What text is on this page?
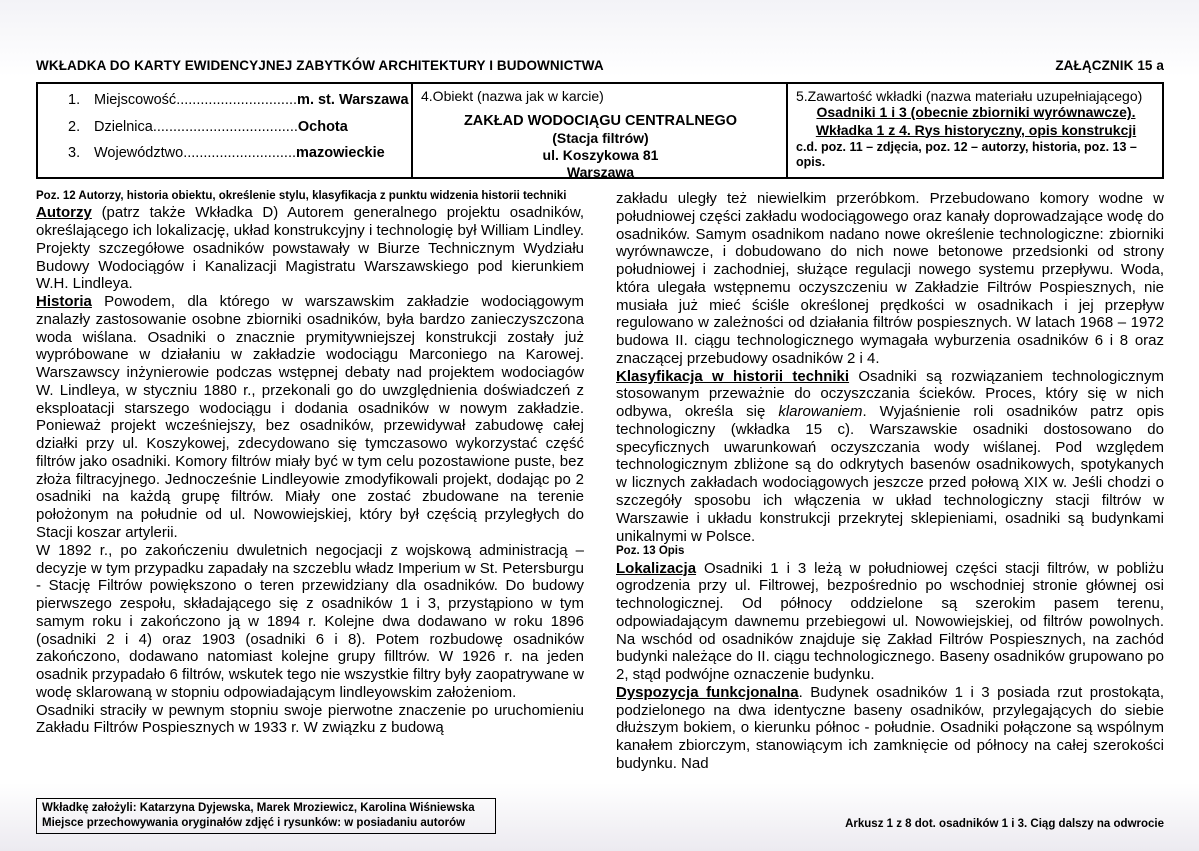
WKŁADKA DO KARTY EWIDENCYJNEJ ZABYTKÓW ARCHITEKTURY I BUDOWNICTWA	ZAŁĄCZNIK 15 a
1. Miejscowość..............................m. st. Warszawa
2. Dzielnica....................................Ochota
3. Województwo............................mazowieckie
4.Obiekt (nazwa jak w karcie)
ZAKŁAD WODOCIĄGU CENTRALNEGO
(Stacja filtrów)
ul. Koszykowa 81
Warszawa
5.Zawartość wkładki (nazwa materiału uzupełniającego)
Osadniki 1 i 3 (obecnie zbiorniki wyrównawcze).
Wkładka 1 z 4. Rys historyczny, opis konstrukcji
c.d. poz. 11 – zdjęcia, poz. 12 – autorzy, historia, poz. 13 – opis.
Poz. 12 Autorzy, historia obiektu, określenie stylu, klasyfikacja z punktu widzenia historii techniki

Autorzy (patrz także Wkładka D) Autorem generalnego projektu osadników, określającego ich lokalizację, układ konstrukcyjny i technologię był William Lindley. Projekty szczegółowe osadników powstawały w Biurze Technicznym Wydziału Budowy Wodociągów i Kanalizacji Magistratu Warszawskiego pod kierunkiem W.H. Lindleya.

Historia Powodem, dla którego w warszawskim zakładzie wodociągowym znalazły zastosowanie osobne zbiorniki osadników, była bardzo zanieczyszczona woda wiślana. Osadniki o znacznie prymitywniejszej konstrukcji zostały już wypróbowane w działaniu w zakładzie wodociągu Marconiego na Karowej. Warszawscy inżynierowie podczas wstępnej debaty nad projektem wodociagów W. Lindleya, w styczniu 1880 r., przekonali go do uwzględnienia doświadczeń z eksploatacji starszego wodociągu i dodania osadników w nowym zakładzie. Ponieważ projekt wcześniejszy, bez osadników, przewidywał zabudowę całej działki przy ul. Koszykowej, zdecydowano się tymczasowo wykorzystać część filtrów jako osadniki. Komory filtrów miały być w tym celu pozostawione puste, bez złoża filtracyjnego. Jednocześnie Lindleyowie zmodyfikowali projekt, dodając po 2 osadniki na każdą grupę filtrów. Miały one zostać zbudowane na terenie położonym na południe od ul. Nowowiejskiej, który był częścią przyległych do Stacji koszar artylerii.

W 1892 r., po zakończeniu dwuletnich negocjacji z wojskową administracją – decyzje w tym przypadku zapadały na szczeblu władz Imperium w St. Petersburgu - Stację Filtrów powiększono o teren przewidziany dla osadników. Do budowy pierwszego zespołu, składającego się z osadników 1 i 3, przystąpiono w tym samym roku i zakończono ją w 1894 r. Kolejne dwa dodawano w roku 1896 (osadniki 2 i 4) oraz 1903 (osadniki 6 i 8). Potem rozbudowę osadników zakończono, dodawano natomiast kolejne grupy filltrów. W 1926 r. na jeden osadnik przypadało 6 filtrów, wskutek tego nie wszystkie filtry były zaopatrywane w wodę sklarowaną w stopniu odpowiadającym lindleyowskim założeniom.

Osadniki straciły w pewnym stopniu swoje pierwotne znaczenie po uruchomieniu Zakładu Filtrów Pospiesznych w 1933 r. W związku z budową

zakładu uległy też niewielkim przeróbkom. Przebudowano komory wodne w południowej części zakładu wodociągowego oraz kanały doprowadzające wodę do osadników. Samym osadnikom nadano nowe określenie technologiczne: zbiorniki wyrównawcze, i dobudowano do nich nowe betonowe przedsionki od strony południowej i zachodniej, służące regulacji nowego systemu przepływu. Woda, która ulegała wstępnemu oczyszczeniu w Zakładzie Filtrów Pospiesznych, nie musiała już mieć ściśle określonej prędkości w osadnikach i jej przepływ regulowano w zależności od działania filtrów pospiesznych. W latach 1968 – 1972 budowa II. ciągu technologicznego wymagała wyburzenia osadników 6 i 8 oraz znaczącej przebudowy osadników 2 i 4.

Klasyfikacja w historii techniki Osadniki są rozwiązaniem technologicznym stosowanym przeważnie do oczyszczania ścieków. Proces, który się w nich odbywa, określa się klarowaniem. Wyjaśnienie roli osadników patrz opis technologiczny (wkładka 15 c). Warszawskie osadniki dostosowano do specyficznych uwarunkowań oczyszczania wody wiślanej. Pod względem technologicznym zbliżone są do odkrytych basenów osadnikowych, spotykanych w licznych zakładach wodociągowych jeszcze przed połową XIX w. Jeśli chodzi o szczegóły sposobu ich włączenia w układ technologiczny stacji filtrów w Warszawie i układu konstrukcji przekrytej sklepieniami, osadniki są budynkami unikalnymi w Polsce.

Poz. 13 Opis

Lokalizacja Osadniki 1 i 3 leżą w południowej części stacji filtrów, w pobliżu ogrodzenia przy ul. Filtrowej, bezpośrednio po wschodniej stronie głównej osi technologicznej. Od północy oddzielone są szerokim pasem terenu, odpowiadającym dawnemu przebiegowi ul. Nowowiejskiej, od filtrów powolnych. Na wschód od osadników znajduje się Zakład Filtrów Pospiesznych, na zachód budynki należące do II. ciągu technologicznego. Baseny osadników grupowano po 2, stąd podwójne oznaczenie budynku.

Dyspozycja funkcjonalna. Budynek osadników 1 i 3 posiada rzut prostokąta, podzielonego na dwa identyczne baseny osadników, przylegających do siebie dłuższym bokiem, o kierunku północ - południe. Osadniki połączone są wspólnym kanałem zbiorczym, stanowiącym ich zamknięcie od północy na całej szerokości budynku. Nad

Wkładkę założyli: Katarzyna Dyjewska, Marek Mroziewicz, Karolina Wiśniewska
Miejsce przechowywania oryginałów zdjęć i rysunków: w posiadaniu autorów	Arkusz 1 z 8 dot. osadników 1 i 3. Ciąg dalszy na odwrocie
